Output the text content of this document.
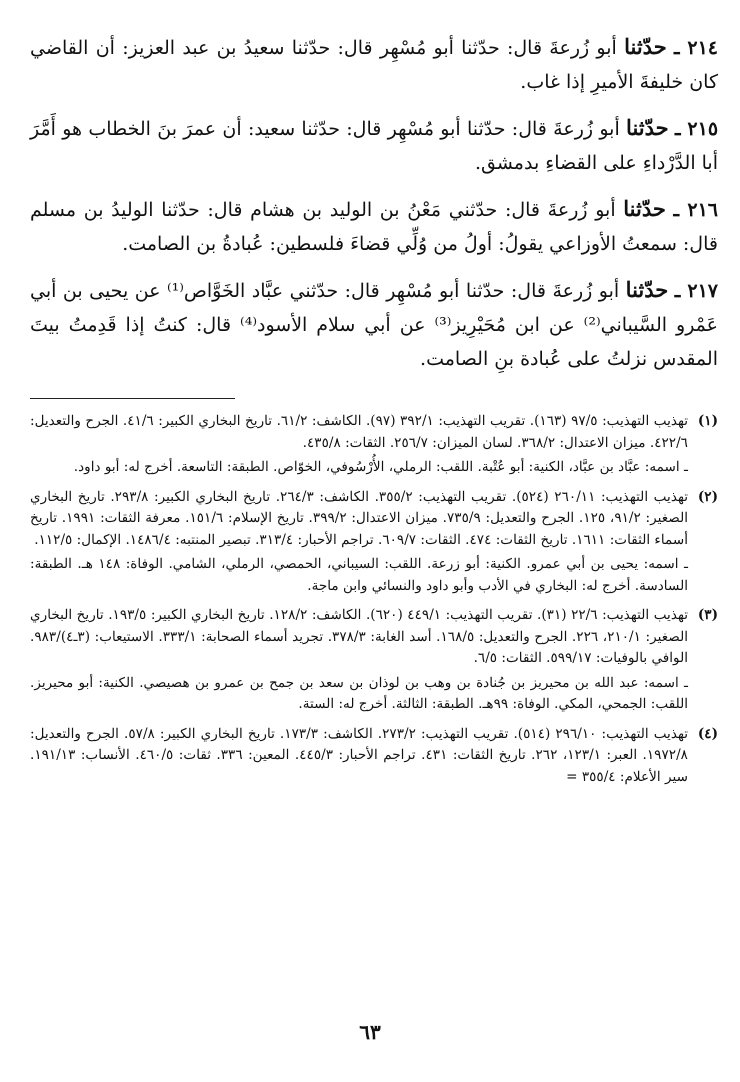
٢١٤ ـ حدّثنا أبو زُرعةَ قال: حدّثنا أبو مُسْهِر قال: حدّثنا سعيدُ بن عبد العزيز: أن القاضي كان خليفةَ الأميرِ إذا غاب.

٢١٥ ـ حدّثنا أبو زُرعةَ قال: حدّثنا أبو مُسْهِر قال: حدّثنا سعيد: أن عمرَ بنَ الخطاب هو أَمَّرَ أبا الدَّرْداءِ على القضاءِ بدمشق.

٢١٦ ـ حدّثنا أبو زُرعةَ قال: حدّثني مَعْنُ بن الوليد بن هشام قال: حدّثنا الوليدُ بن مسلم قال: سمعتُ الأوزاعي يقولُ: أولُ من وُلِّي قضاءَ فلسطين: عُبادةُ بن الصامت.

٢١٧ ـ حدّثنا أبو زُرعةَ قال: حدّثنا أبو مُسْهِر قال: حدّثني عبَّاد الخَوَّاص⁽¹⁾ عن يحيى بن أبي عَمْرو السَّيباني⁽²⁾ عن ابن مُحَيْرِيز⁽³⁾ عن أبي سلام الأسود⁽⁴⁾ قال: كنتُ إذا قَدِمتُ بيتَ المقدس نزلتُ على عُبادة بنِ الصامت.

(١)

تهذيب التهذيب: ٩٧/٥ (١٦٣). تقريب التهذيب: ٣٩٢/١ (٩٧). الكاشف: ٦١/٢. تاريخ البخاري الكبير: ٤١/٦. الجرح والتعديل: ٤٢٢/٦. ميزان الاعتدال: ٣٦٨/٢. لسان الميزان: ٢٥٦/٧. الثقات: ٤٣٥/٨.

ـ اسمه: عبَّاد بن عبَّاد، الكنية: أبو عُتْبة. اللقب: الرملي، الأُرْسُوفي، الخوّاص. الطبقة: التاسعة. أخرج له: أبو داود.

(٢)

تهذيب التهذيب: ٢٦٠/١١ (٥٢٤). تقريب التهذيب: ٣٥٥/٢. الكاشف: ٢٦٤/٣. تاريخ البخاري الكبير: ٢٩٣/٨. تاريخ البخاري الصغير: ٩١/٢، ١٢٥. الجرح والتعديل: ٧٣٥/٩. ميزان الاعتدال: ٣٩٩/٢. تاريخ الإسلام: ١٥١/٦. معرفة الثقات: ١٩٩١. تاريخ أسماء الثقات: ١٦١١. تاريخ الثقات: ٤٧٤. الثقات: ٦٠٩/٧. تراجم الأحبار: ٣١٣/٤. تبصير المنتبه: ١٤٨٦/٤. الإكمال: ١١٢/٥.

ـ اسمه: يحيى بن أبي عمرو. الكنية: أبو زرعة. اللقب: السيباني، الحمصي، الرملي، الشامي. الوفاة: ١٤٨ هـ. الطبقة: السادسة. أخرج له: البخاري في الأدب وأبو داود والنسائي وابن ماجة.

(٣)

تهذيب التهذيب: ٢٢/٦ (٣١). تقريب التهذيب: ٤٤٩/١ (٦٢٠). الكاشف: ١٢٨/٢. تاريخ البخاري الكبير: ١٩٣/٥. تاريخ البخاري الصغير: ٢١٠/١، ٢٢٦. الجرح والتعديل: ١٦٨/٥. أسد الغابة: ٣٧٨/٣. تجريد أسماء الصحابة: ٣٣٣/١. الاستيعاب: (٣ـ٤)/٩٨٣. الوافي بالوفيات: ٥٩٩/١٧. الثقات: ٦/٥.

ـ اسمه: عبد الله بن محيريز بن جُنادة بن وهب بن لوذان بن سعد بن جمح بن عمرو بن هصيصي. الكنية: أبو محيريز. اللقب: الجمحي، المكي. الوفاة: ٩٩هـ. الطبقة: الثالثة. أخرج له: الستة.

(٤)

تهذيب التهذيب: ٢٩٦/١٠ (٥١٤). تقريب التهذيب: ٢٧٣/٢. الكاشف: ١٧٣/٣. تاريخ البخاري الكبير: ٥٧/٨. الجرح والتعديل: ١٩٧٢/٨. العبر: ١٢٣/١، ٢٦٢. تاريخ الثقات: ٤٣١. تراجم الأحبار: ٤٤٥/٣. المعين: ٣٣٦. ثقات: ٤٦٠/٥. الأنساب: ١٩١/١٣. سير الأعلام: ٣٥٥/٤ =

٦٣
